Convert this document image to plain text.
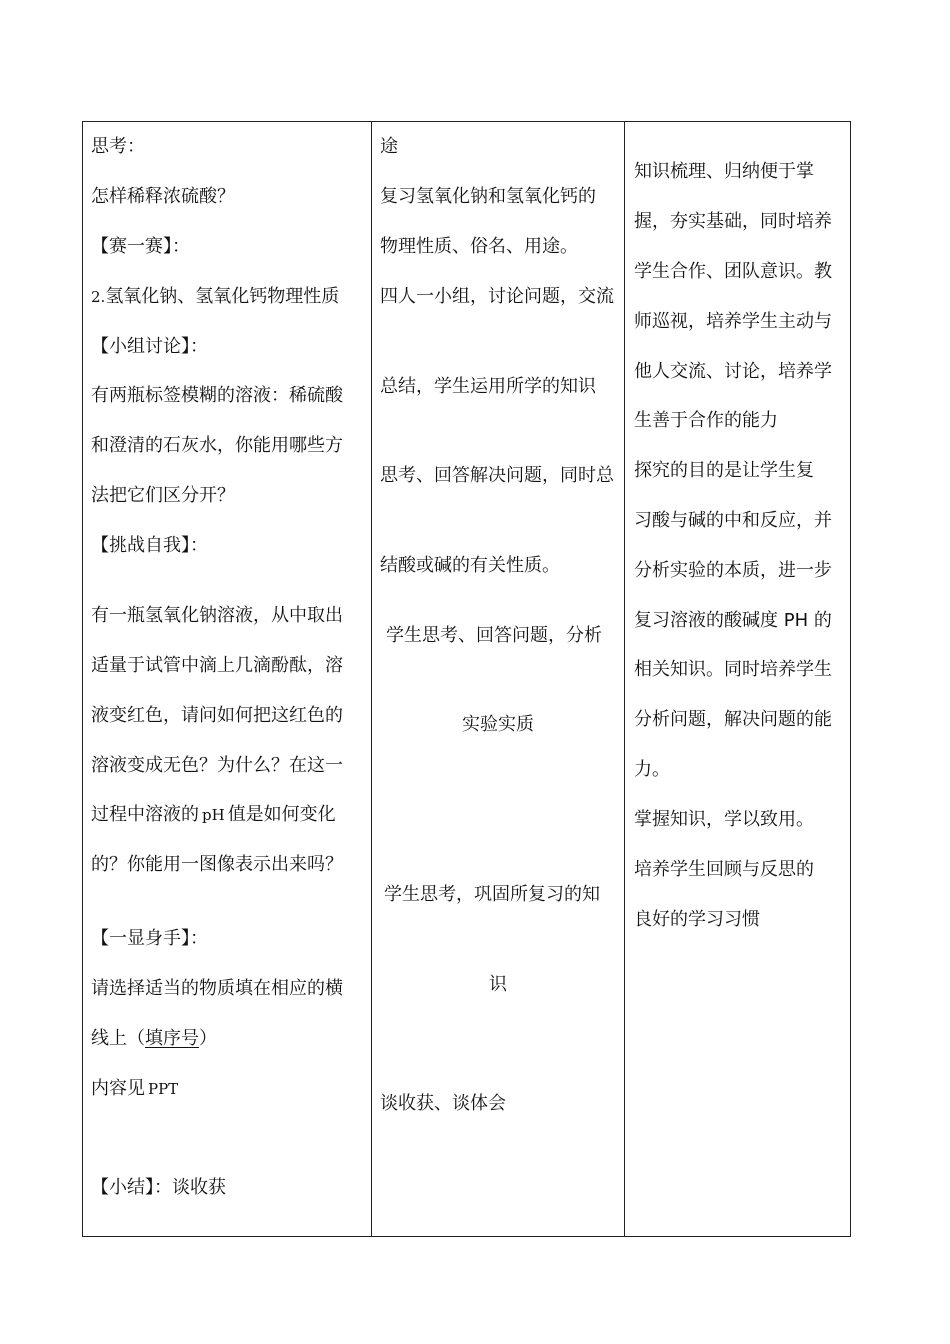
思考：
怎样稀释浓硫酸？
【赛一赛】：
2.氢氧化钠、氢氧化钙物理性质
【小组讨论】：
有两瓶标签模糊的溶液：稀硫酸
和澄清的石灰水，你能用哪些方
法把它们区分开？
【挑战自我】：
有一瓶氢氧化钠溶液，从中取出
适量于试管中滴上几滴酚酞，溶
液变红色，请问如何把这红色的
溶液变成无色？为什么？在这一
过程中溶液的 pH 值是如何变化
的？你能用一图像表示出来吗？
【一显身手】：
请选择适当的物质填在相应的横
线上（填序号）
内容见 PPT
【小结】：谈收获
途
复习氢氧化钠和氢氧化钙的
物理性质、俗名、用途。
四人一小组，讨论问题，交流
总结，学生运用所学的知识
思考、回答解决问题，同时总
结酸或碱的有关性质。
学生思考、回答问题，分析
实验实质
学生思考，巩固所复习的知
识
谈收获、谈体会
知识梳理、归纳便于掌
握，夯实基础，同时培养
学生合作、团队意识。教
师巡视，培养学生主动与
他人交流、讨论，培养学
生善于合作的能力
探究的目的是让学生复
习酸与碱的中和反应，并
分析实验的本质，进一步
复习溶液的酸碱度 PH 的
相关知识。同时培养学生
分析问题，解决问题的能
力。
掌握知识，学以致用。
培养学生回顾与反思的
良好的学习习惯
